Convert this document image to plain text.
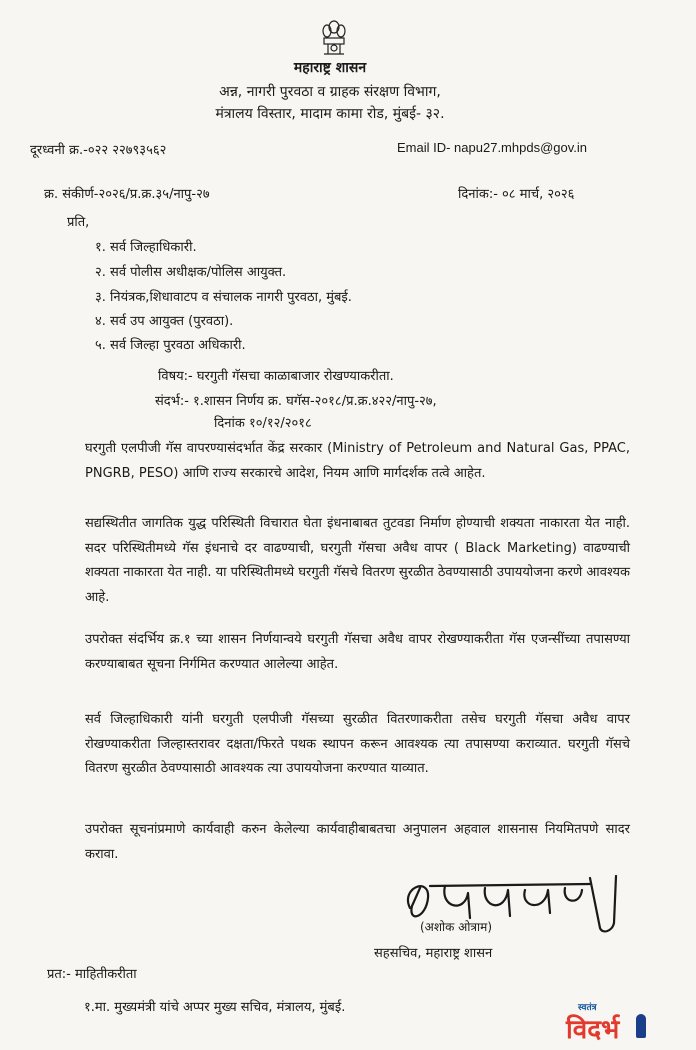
महाराष्ट्र शासन
अन्न, नागरी पुरवठा व ग्राहक संरक्षण विभाग,
मंत्रालय विस्तार, मादाम कामा रोड, मुंबई- ३२.
दूरध्वनी क्र.-०२२ २२७९३५६२	Email ID- napu27.mhpds@gov.in
क्र. संकीर्ण-२०२६/प्र.क्र.३५/नापु-२७	दिनांक:- ०८ मार्च, २०२६
प्रति,
१. सर्व जिल्हाधिकारी.
२. सर्व पोलीस अधीक्षक/पोलिस आयुक्त.
३. नियंत्रक,शिधावाटप व संचालक नागरी पुरवठा, मुंबई.
४. सर्व उप आयुक्त (पुरवठा).
५. सर्व जिल्हा पुरवठा अधिकारी.
विषय:- घरगुती गॅसचा काळाबाजार रोखण्याकरीता.
संदर्भ:- १.शासन निर्णय क्र. घगॅस-२०१८/प्र.क्र.४२२/नापु-२७,
दिनांक १०/१२/२०१८
घरगुती एलपीजी गॅस वापरण्यासंदर्भात केंद्र सरकार (Ministry of Petroleum and Natural Gas, PPAC, PNGRB, PESO) आणि राज्य सरकारचे आदेश, नियम आणि मार्गदर्शक तत्वे आहेत.
सद्यस्थितीत जागतिक युद्ध परिस्थिती विचारात घेता इंधनाबाबत तुटवडा निर्माण होण्याची शक्यता नाकारता येत नाही. सदर परिस्थितीमध्ये गॅस इंधनाचे दर वाढण्याची, घरगुती गॅसचा अवैध वापर ( Black Marketing) वाढण्याची शक्यता नाकारता येत नाही. या परिस्थितीमध्ये घरगुती गॅसचे वितरण सुरळीत ठेवण्यासाठी उपाययोजना करणे आवश्यक आहे.
उपरोक्त संदर्भिय क्र.१ च्या शासन निर्णयान्वये घरगुती गॅसचा अवैध वापर रोखण्याकरीता गॅस एजन्सींच्या तपासण्या करण्याबाबत सूचना निर्गमित करण्यात आलेल्या आहेत.
सर्व जिल्हाधिकारी यांनी घरगुती एलपीजी गॅसच्या सुरळीत वितरणाकरीता तसेच घरगुती गॅसचा अवैध वापर रोखण्याकरीता जिल्हास्तरावर दक्षता/फिरते पथक स्थापन करून आवश्यक त्या तपासण्या कराव्यात. घरगुती गॅसचे वितरण सुरळीत ठेवण्यासाठी आवश्यक त्या उपाययोजना करण्यात याव्यात.
उपरोक्त सूचनांप्रमाणे कार्यवाही करुन केलेल्या कार्यवाहीबाबतचा अनुपालन अहवाल शासनास नियमितपणे सादर करावा.
(अशोक ओत्राम)
सहसचिव, महाराष्ट्र शासन
प्रत:- माहितीकरीता
१.मा. मुख्यमंत्री यांचे अप्पर मुख्य सचिव, मंत्रालय, मुंबई.	स्वतंत्र
विदर्भ
